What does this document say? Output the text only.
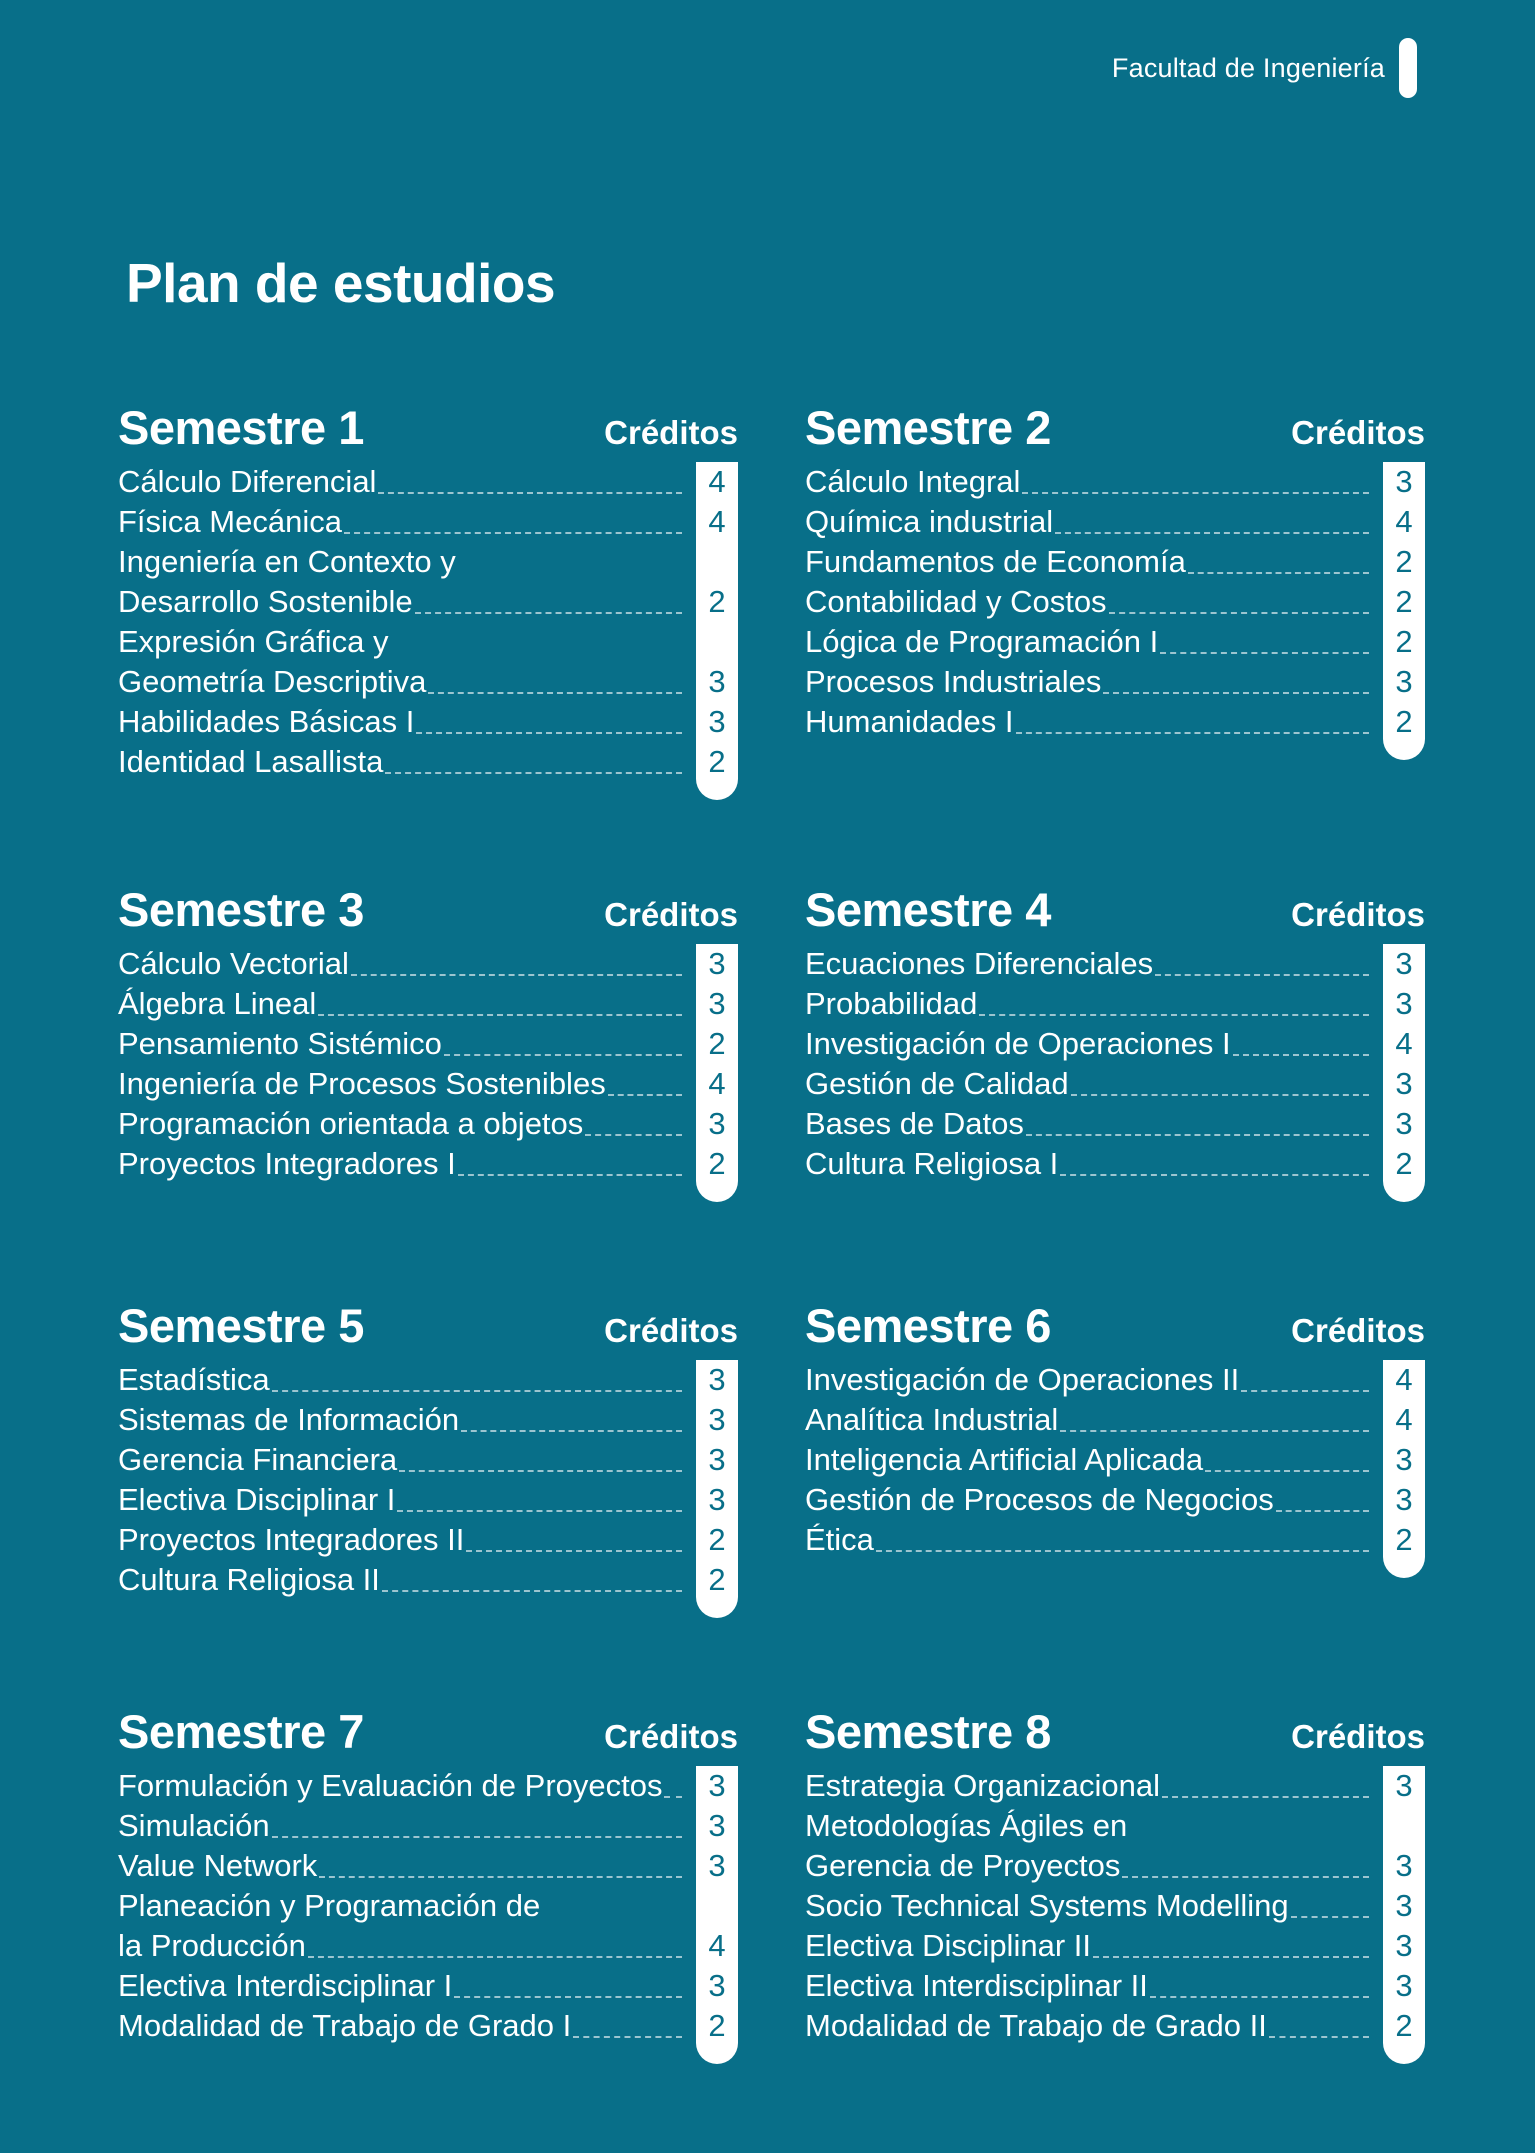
Facultad de Ingeniería
Plan de estudios
Semestre 1	Créditos
Cálculo Diferencial	4
Física Mecánica	4
Ingeniería en Contexto y
Desarrollo Sostenible	2
Expresión Gráfica y
Geometría Descriptiva	3
Habilidades Básicas I	3
Identidad Lasallista	2
Semestre 2	Créditos
Cálculo Integral	3
Química industrial	4
Fundamentos de Economía	2
Contabilidad y Costos	2
Lógica de Programación I	2
Procesos Industriales	3
Humanidades I	2
Semestre 3	Créditos
Cálculo Vectorial	3
Álgebra Lineal	3
Pensamiento Sistémico	2
Ingeniería de Procesos Sostenibles	4
Programación orientada a objetos	3
Proyectos Integradores I	2
Semestre 4	Créditos
Ecuaciones Diferenciales	3
Probabilidad	3
Investigación de Operaciones I	4
Gestión de Calidad	3
Bases de Datos	3
Cultura Religiosa I	2
Semestre 5	Créditos
Estadística	3
Sistemas de Información	3
Gerencia Financiera	3
Electiva Disciplinar I	3
Proyectos Integradores II	2
Cultura Religiosa II	2
Semestre 6	Créditos
Investigación de Operaciones II	4
Analítica Industrial	4
Inteligencia Artificial Aplicada	3
Gestión de Procesos de Negocios	3
Ética	2
Semestre 7	Créditos
Formulación y Evaluación de Proyectos	3
Simulación	3
Value Network	3
Planeación y Programación de
la Producción	4
Electiva Interdisciplinar I	3
Modalidad de Trabajo de Grado I	2
Semestre 8	Créditos
Estrategia Organizacional	3
Metodologías Ágiles en
Gerencia de Proyectos	3
Socio Technical Systems Modelling	3
Electiva Disciplinar II	3
Electiva Interdisciplinar II	3
Modalidad de Trabajo de Grado II	2
